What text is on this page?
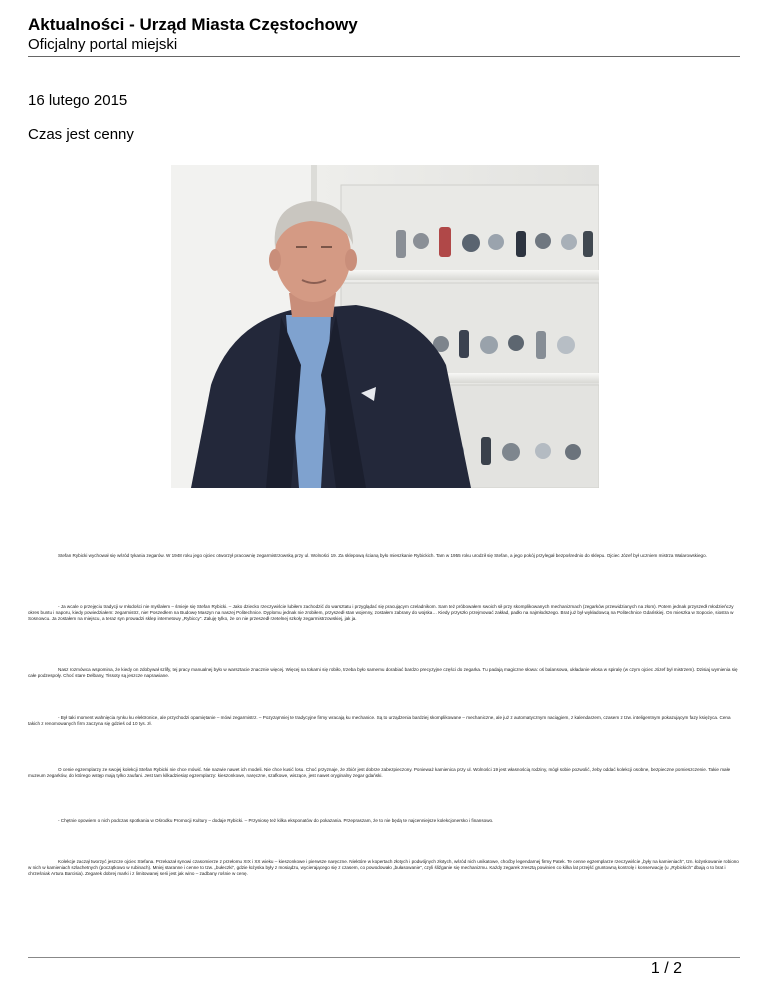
Aktualności - Urząd Miasta Częstochowy

Oficjalny portal miejski

16 lutego 2015
Czas jest cenny

Stefan Rybicki wychował się wśród tykania zegarów. W 1948 roku jego ojciec otworzył pracownię zegarmistrzowską przy ul. Wolności 19. Za sklepową ścianą było mieszkanie Rybickich. Tam w 1955 roku urodził się Stefan, a jego pokój przylegał bezpośrednio do sklepu. Ojciec Józef był uczniem mistrza Walarowskiego.

- Ja wcale o przejęciu tradycji w młodości nie myślałem – śmieje się Stefan Rybicki. – Jako dziecko rzeczywiście lubiłem zachodzić do warsztatu i przyglądać się pracującym czeladnikom. Sam też próbowałem swoich sił przy skomplikowanych mechanizmach (zegarków przewidzianych na złom). Potem jednak przyszedł młodzieńczy okres buntu i naporu, kiedy powiedziałem: zegarmistrz, nie! Poszedłem na Budowę Maszyn na naszej Politechnice. Dyplomu jednak nie zrobiłem, przyszedł stan wojenny, zostałem zabrany do wojska… Kiedy przyszło przejmować zakład, padło na najmłodszego. Brat już był wykładowcą na Politechnice Gdańskiej. On mieszka w Sopocie, siostra w Sosnowcu. Ja zostałem na miejscu, a teraz syn prowadzi sklep internetowy „Rybiccy”. Zaluję tylko, że on nie przeszedł rzetelnej szkoły zegarmistrzowskiej, jak ja.

Nasz rozmówca wspomina, że kiedy on zdobywał szlify, tej pracy manualnej było w warsztacie znacznie więcej. Więcej na tokarni się robiło, trzeba było samemu dorabiać bardzo precyzyjne części do zegarka. Tu padają magiczne słowa: oś balansowa, układanie włosa w spiralę (w czym ojciec Józef był mistrzem). Dzisiaj wymienia się całe podzespoły. Choć stare Delbany, Tissoty są jeszcze naprawiane.

- Był taki moment wahnięcia rynku ku elektronice, ale przychodzi opamiętanie – mówi zegarmistrz. – Pozyząmniej te tradycyjne firmy wracają ku mechanice. Są to urządzenia bardziej skomplikowane – mechaniczne, ale już z automatycznym naciągiem, z kalendarzem, czasem z tzw. inteligentnym pokazującym fazy księżyca. Cena takich z renomowanych firm zaczyna się gdzieś od 10 tys. zł.

O cenie egzemplarzy ze swojej kolekcji Stefan Rybicki nie chce mówić. Nie nazwie nawet ich modeli. Nie chce kusić losu. Choć przyznaje, że zbiór jest dobrze zabezpieczony. Ponieważ kamienica przy ul. Wolności 19 jest własnością rodziny, mógł sobie pozwolić, żeby oddać kolekcji osobne, bezpieczne pomieszczenie. Takie małe muzeum zegarków, do którego wstęp mają tylko zaufani. Jest tam kilkadziesiąt egzemplarzy: kieszonkowe, naręczne, szafkowe, wiszące, jest nawet oryginalny zegar gdański.

- Chętnie opowiem o nich podczas spotkania w Ośrodku Promocji Kultury – dodaje Rybicki. – Przyniosę też kilka eksponatów do pokazania. Przepraszam, że to nie będą te najcenniejsze kolekcjonersko i finansowo.

Kolekcje zaczął tworzyć jeszcze ojciec Stefana. Przekazał synowi czasomierze z przełomu XIX i XX wieku – kieszonkowe i pierwsze naręczne. Niektóre w kopertach złotych i podwójnych złotych, wśród nich unikatowe, choćby legendarnej firmy Patek. Te cenne egzemplarze rzeczywiście „były na kamieniach”, tzn. łożyskowanie robiono w nich w kamieniach szlachetnych (początkowo w rubinach). Mniej staranne i cenne to tzw. „bułeczki”, gdzie łożyska były z mosiądzu, wycierającego się z czasem, co powodowało „bułasowanie”, czyli śliźganie się mechanizmu. Każdy zegarek zresztą powinien co kilka lat przejść gruntowną kontrolę i konserwację (u „Rybickich” dbają o to brat i chrześniak Artura Barcisia). Zegarek dobrej marki i z limitowanej serii jest jak wino – zadbany rośnie w cenę.

1 / 2
